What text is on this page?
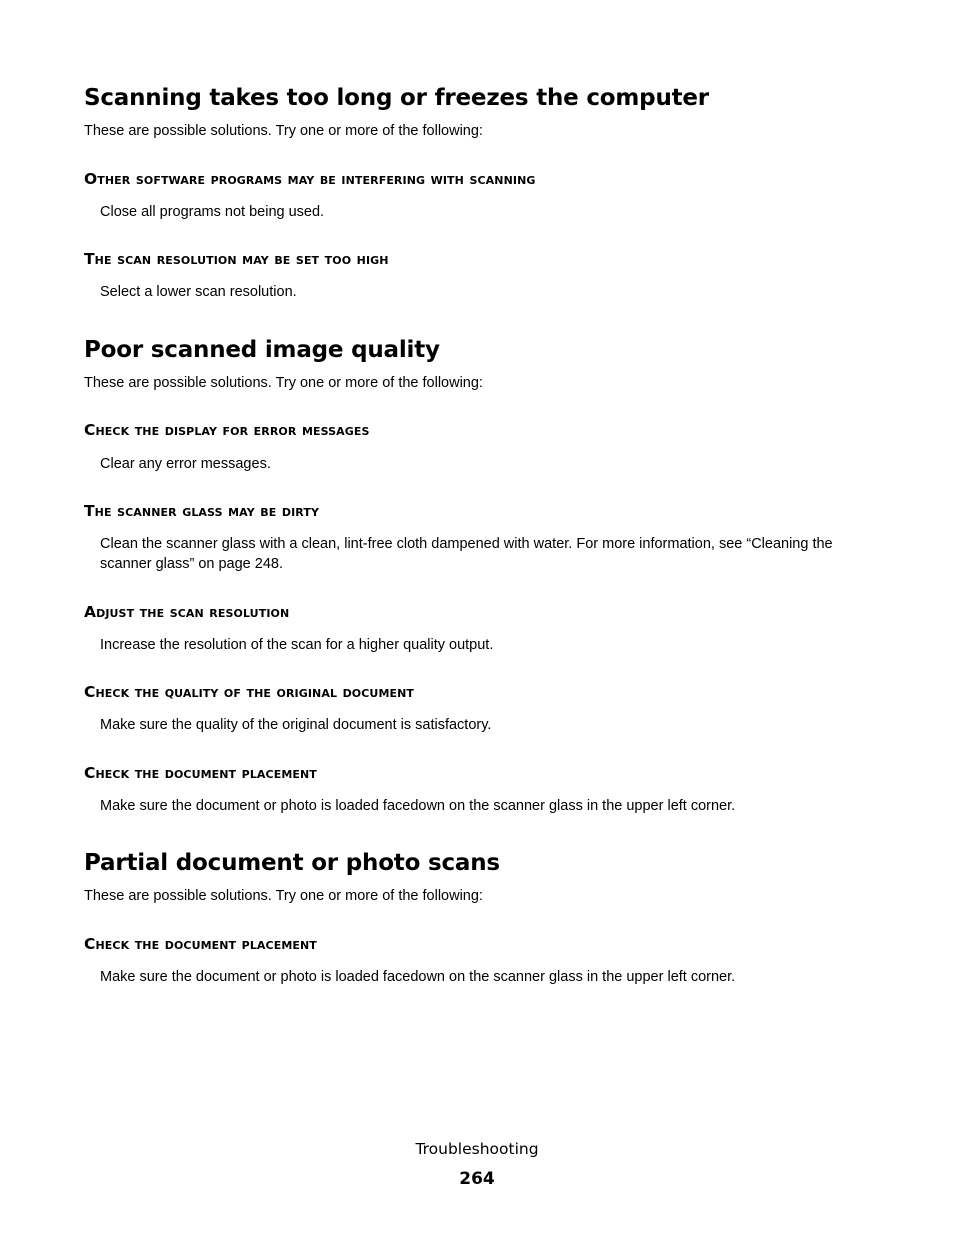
Scanning takes too long or freezes the computer

These are possible solutions. Try one or more of the following:

Other software programs may be interfering with scanning

Close all programs not being used.

The scan resolution may be set too high

Select a lower scan resolution.

Poor scanned image quality

These are possible solutions. Try one or more of the following:

Check the display for error messages

Clear any error messages.

The scanner glass may be dirty

Clean the scanner glass with a clean, lint-free cloth dampened with water. For more information, see “Cleaning the scanner glass” on page 248.

Adjust the scan resolution

Increase the resolution of the scan for a higher quality output.

Check the quality of the original document

Make sure the quality of the original document is satisfactory.

Check the document placement

Make sure the document or photo is loaded facedown on the scanner glass in the upper left corner.

Partial document or photo scans

These are possible solutions. Try one or more of the following:

Check the document placement

Make sure the document or photo is loaded facedown on the scanner glass in the upper left corner.

Troubleshooting

264
